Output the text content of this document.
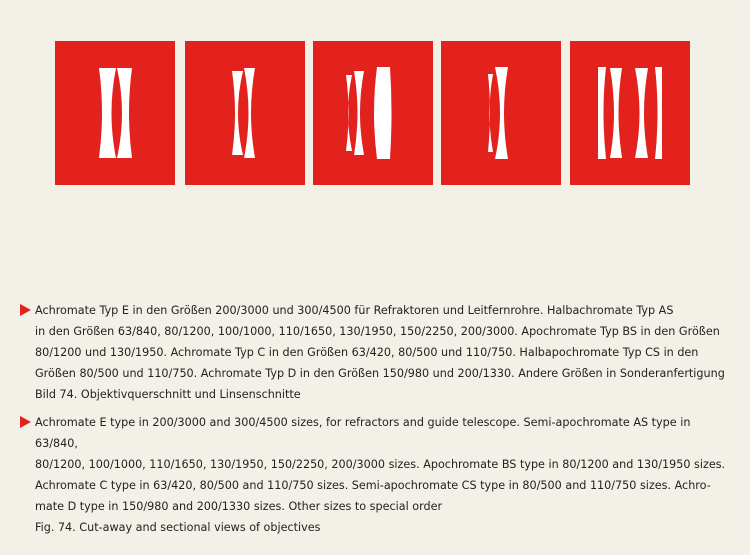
Achromate Typ E in den Größen 200/3000 und 300/4500 für Refraktoren und Leitfernrohre. Halbachromate Typ AS
in den Größen 63/840, 80/1200, 100/1000, 110/1650, 130/1950, 150/2250, 200/3000. Apochromate Typ BS in den Größen
80/1200 und 130/1950. Achromate Typ C in den Größen 63/420, 80/500 und 110/750. Halbapochromate Typ CS in den
Größen 80/500 und 110/750. Achromate Typ D in den Größen 150/980 und 200/1330. Andere Größen in Sonderanfertigung
Bild 74. Objektivquerschnitt und Linsenschnitte
Achromate E type in 200/3000 and 300/4500 sizes, for refractors and guide telescope. Semi-apochromate AS type in 63/840,
80/1200, 100/1000, 110/1650, 130/1950, 150/2250, 200/3000 sizes. Apochromate BS type in 80/1200 and 130/1950 sizes.
Achromate C type in 63/420, 80/500 and 110/750 sizes. Semi-apochromate CS type in 80/500 and 110/750 sizes. Achro-
mate D type in 150/980 and 200/1330 sizes. Other sizes to special order
Fig. 74. Cut-away and sectional views of objectives
